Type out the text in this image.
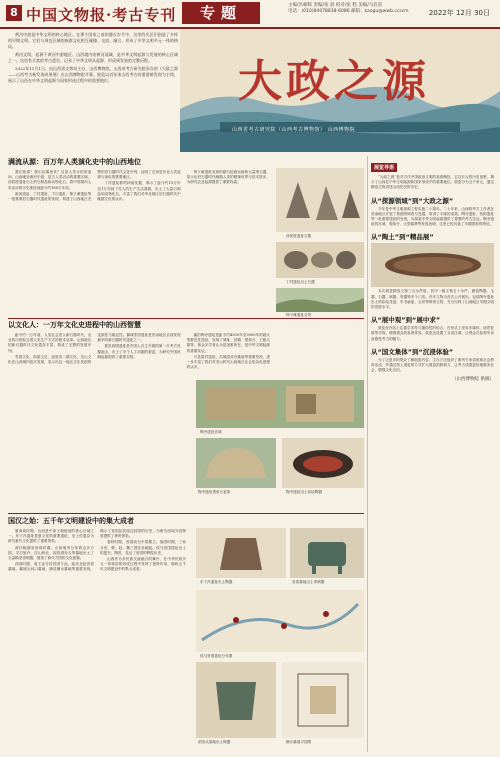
8 中国文物报·考古专刊	专题	主编/冯朝晖 责编/张 晨 校对/张 程 美编/马岩雷
电话：(010)84078838-6086 邮箱：kaogu@wwb.ccscm	2022年 12月 30日

黄河中游是中华文明的核心地区。在那个国家之前的漫长岁月中，这里的先民们创造了多样的早期文明。它们与周边区域的族群文化相互碰撞、交流、融合，形成了中华文明多元一体的格局。

黄河文明，起源于黄河中游地区。山西境内的黄河流域，是中华文明起源与发展的核心区域之一。这里有丰富的考古遗存，记录了中华文明从起源、形成到发展的完整历程。

2022年11月1日，由山西省文物局主办，山西博物院、山西省考古研究院承办的《大政之源——山西考古新发现成果展》在山西博物院开幕。展览以近年来山西考古的重要新发现为主线，展示了山西在中华文明起源与国家形成过程中的重要地位。	大政之源
山西省考古研究院（山西考古博物馆） 山西博物院
展览导语

“大政之源”是对古代中国政治文明的高度概括，它以宏大的历史视野，揭示了山西在中华文明起源和国家形成中的重要地位。展览分为五个单元，通过精选文物讲述山西先民的历史。

从“探源领域”到“大政之源”

今年是中华文明探源工程实施二十周年。二十年来，山西的考古工作者在晋南地区开展了系统的调查与发掘，取得了丰硕的成果。陶寺遗址、西阴遗址等一批重要遗址的发现，为探索中华文明起源提供了重要的考古实证。陶寺遗址的宫城、观象台、大型墓葬等发现表明，这里已经具备了早期国家的特征。

从“陶土”到“精品展”

本次展览精选文物三百余件组，其中一级文物五十余件，涵盖陶器、玉器、石器、铜器、骨器等多个门类。许多文物为首次公开展出，包括陶寺遗址出土的彩绘龙盘、朱书扁壶、玉琮等珍贵文物，充分反映了山西地区早期文明的发展水平。

从“展中观”到“展中求”

展览在内容上注重学术性与通俗性的结合，在形式上采用多媒体、场景复原等手段，增强观众的参观体验。展览还设置了互动区域，让观众在参观中亲身感受考古的魅力。

从“国文集体”到“沉浸体验”

为了让更多的观众了解展览内容，主办方还组织了系列专家讲座和社会教育活动，并通过线上展览的方式扩大展览的影响力，让考古成果更好地服务社会，增强文化自信。

（山西博物院 供稿）
满流从源：百万年人类演化史中的山西地位

我们是谁？我们从哪里来？这是人类永恒的追问。山西地处黄河中游，是古人类活动的重要区域。西侯度遗址出土的石制品和动物化石，将中国境内人类活动的历史推进到距今约180万年前。

匼河遗址、丁村遗址、下川遗址、柿子滩遗址等一批重要旧石器时代遗址的发现，构建了山西地区完整的旧石器时代文化序列，证明了这里是东亚人类起源与演化的重要地区。

丁村遗址群的持续发掘，揭示了距今约10万年至1万年间丁村人的生产生活面貌，出土了大量石制品和动物化石，丰富了我们对华北地区旧石器时代中晚期文化的认识。

柿子滩遗址发现的赭石绘画岩画和大量细石器，显示出旧石器时代晚期人类的精神世界与技术进步，为研究农业起源提供了重要线索。

西侯度遗址石器
丁村遗址出土石器
柿子滩遗址全景
以文化人：一万年文化史进程中的山西智慧

距今约一万年前，人类社会进入新石器时代，农业的出现标志着人类生产方式的根本变革。山西地区的新石器时代文化遗存丰富，构成了完整的发展序列。

枣园文化、仰韶文化、庙底沟二期文化、龙山文化在山西境内依次发展，显示出这一地区文化发展的连续性与稳定性。翼城枣园遗址是晋南地区目前发现最早的新石器时代遗址之一。

夏县西阴遗址是中国人自主开展的第一次考古发掘地点，出土了半个人工切割的蚕茧，为研究中国丝绸起源提供了重要实物。

襄汾陶寺遗址是距今约4300年至3900年的超大型都邑性遗址，发现了城址、宫殿、观象台、王级大墓等，被众多学者认为是尧都所在，是中华文明起源的重要实证。

兴县碧村遗址、芮城清凉寺墓地等重要发现，进一步丰富了我们对龙山时代山西地区社会复杂化进程的认识。

陶寺遗址宫城
陶寺遗址观象台复原	陶寺遗址出土彩绘陶器
国汉之始：五千年文明建设中的集大成者

夏商周时期，山西是中原王朝统治的核心区域之一。东下冯遗址是夏文化的重要遗址，出土的遗存为研究夏代文化提供了重要资料。

商代晚期至西周时期，山西境内分布着众多方国。灵石旌介、浮山桥北、闻喜酒务头等墓地出土了大量精美青铜器，展现了商代方国的文化面貌。

西周时期，周王室分封晋国于此。曲沃北赵晋侯墓地、翼城大河口墓地、绛县横水墓地等重要发现，揭示了晋国及其周边封国的历史，为研究西周分封制度提供了珍贵资料。

春秋时期，晋国成为中原霸主；战国时期，三家分晋，韩、赵、魏三国在此崛起。侯马晋国遗址出土的盟书、陶范，见证了晋国的辉煌历史。

山西作为多民族交流融合的舞台，在中华民族多元一体格局的形成过程中发挥了独特作用，堪称五千年文明建设中的集大成者。

东下冯遗址出土陶器	晋侯墓地出土青铜器
侯马晋国遗址分布图
酒务头墓地出土铜器	横水墓地平面图
